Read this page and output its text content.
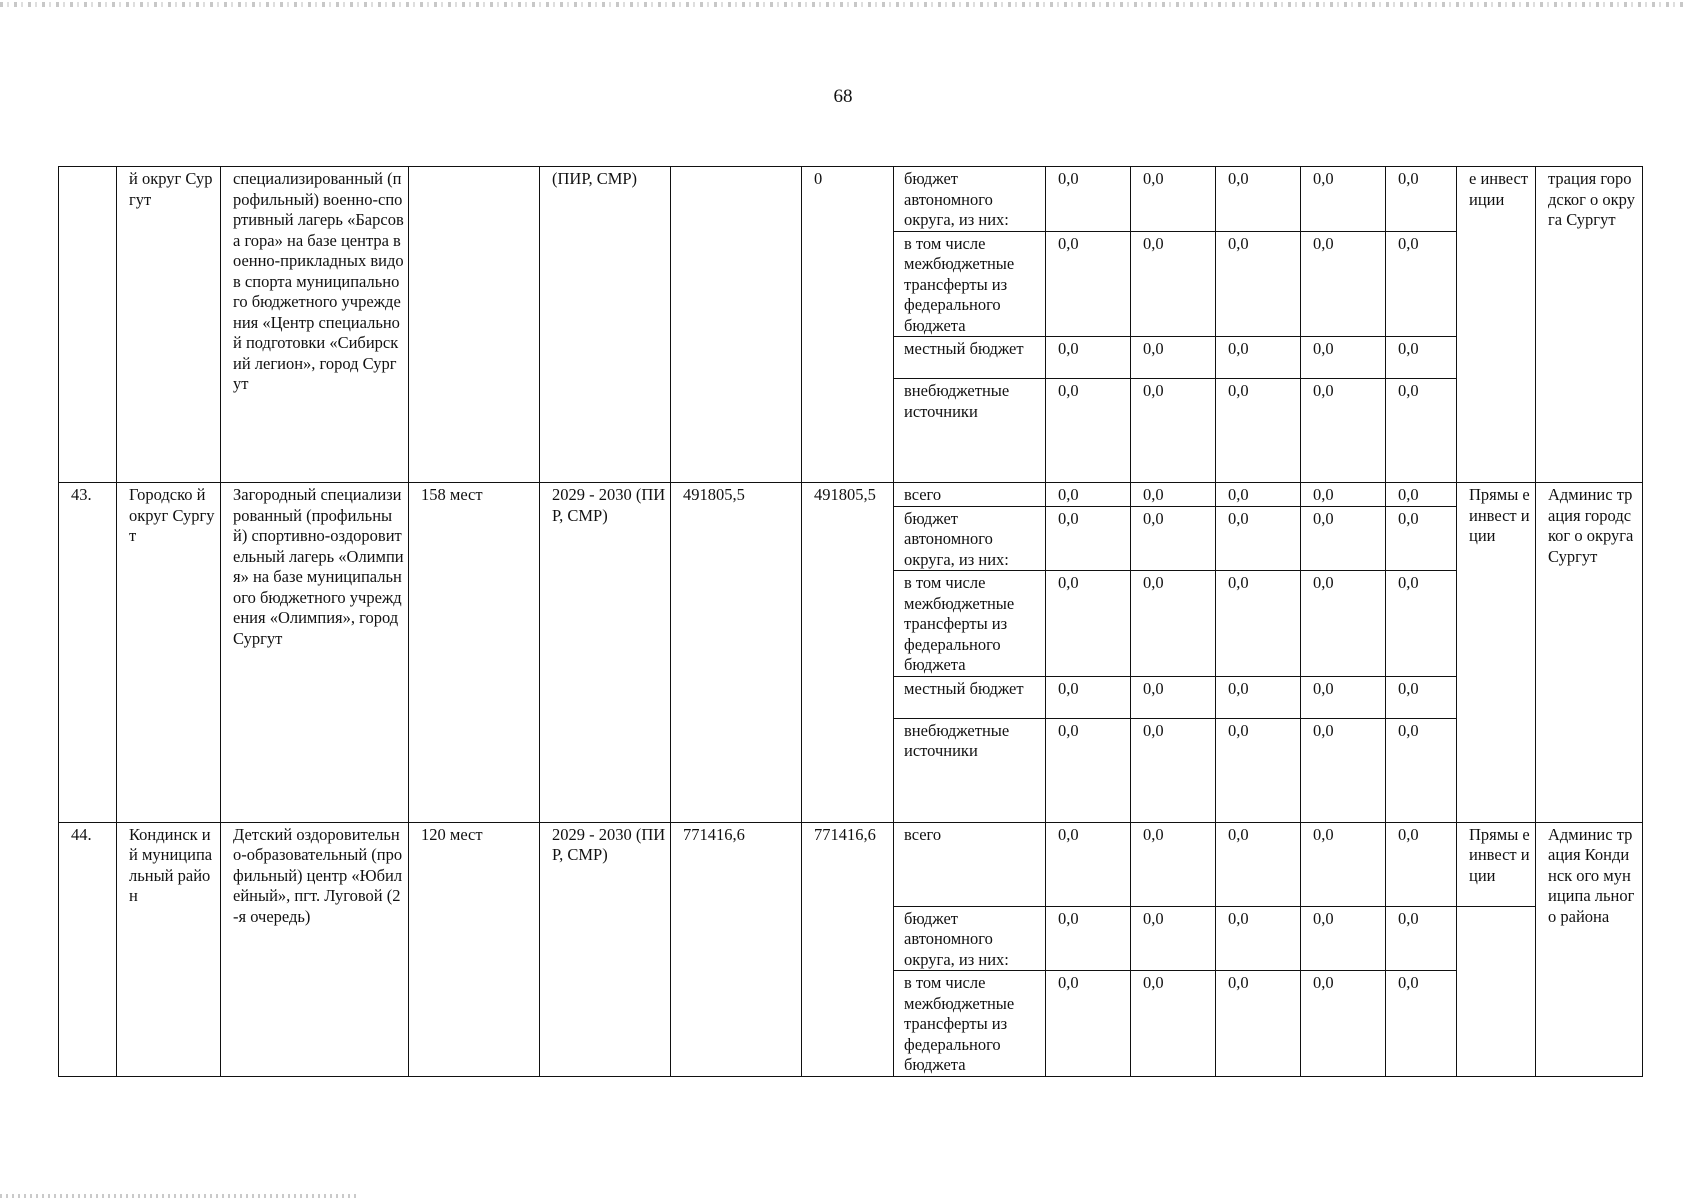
68
	й округ Сургут	специализированный (профильный) военно-спортивный лагерь «Барсова гора» на базе центра военно-прикладных видов спорта муниципального бюджетного учреждения «Центр специальной подготовки «Сибирский легион», город Сургут		(ПИР, СМР)		0	бюджет автономного округа, из них:	0,0	0,0	0,0	0,0	0,0	е инвест иции	трация городског о округа Сургут
							в том числе межбюджетные трансферты из федерального бюджета	0,0	0,0	0,0	0,0	0,0		
							местный бюджет	0,0	0,0	0,0	0,0	0,0		
							внебюджетные источники	0,0	0,0	0,0	0,0	0,0		
43.	Городско й округ Сургут	Загородный специализированный (профильный) спортивно-оздоровительный лагерь «Олимпия» на базе муниципального бюджетного учреждения «Олимпия», город Сургут	158 мест	2029 - 2030 (ПИР, СМР)	491805,5	491805,5	всего	0,0	0,0	0,0	0,0	0,0	Прямы е инвест иции	Админис трация городског о округа Сургут
							бюджет автономного округа, из них:	0,0	0,0	0,0	0,0	0,0		
							в том числе межбюджетные трансферты из федерального бюджета	0,0	0,0	0,0	0,0	0,0		
							местный бюджет	0,0	0,0	0,0	0,0	0,0		
							внебюджетные источники	0,0	0,0	0,0	0,0	0,0		
44.	Кондинск ий муниципа льный район	Детский оздоровительно-образовательный (профильный) центр «Юбилейный», пгт. Луговой (2-я очередь)	120 мест	2029 - 2030 (ПИР, СМР)	771416,6	771416,6	всего	0,0	0,0	0,0	0,0	0,0	Прямы е инвест иции	Админис трация Кондинск ого муниципа льного района
							бюджет автономного округа, из них:	0,0	0,0	0,0	0,0	0,0		
							в том числе межбюджетные трансферты из федерального бюджета	0,0	0,0	0,0	0,0	0,0		
